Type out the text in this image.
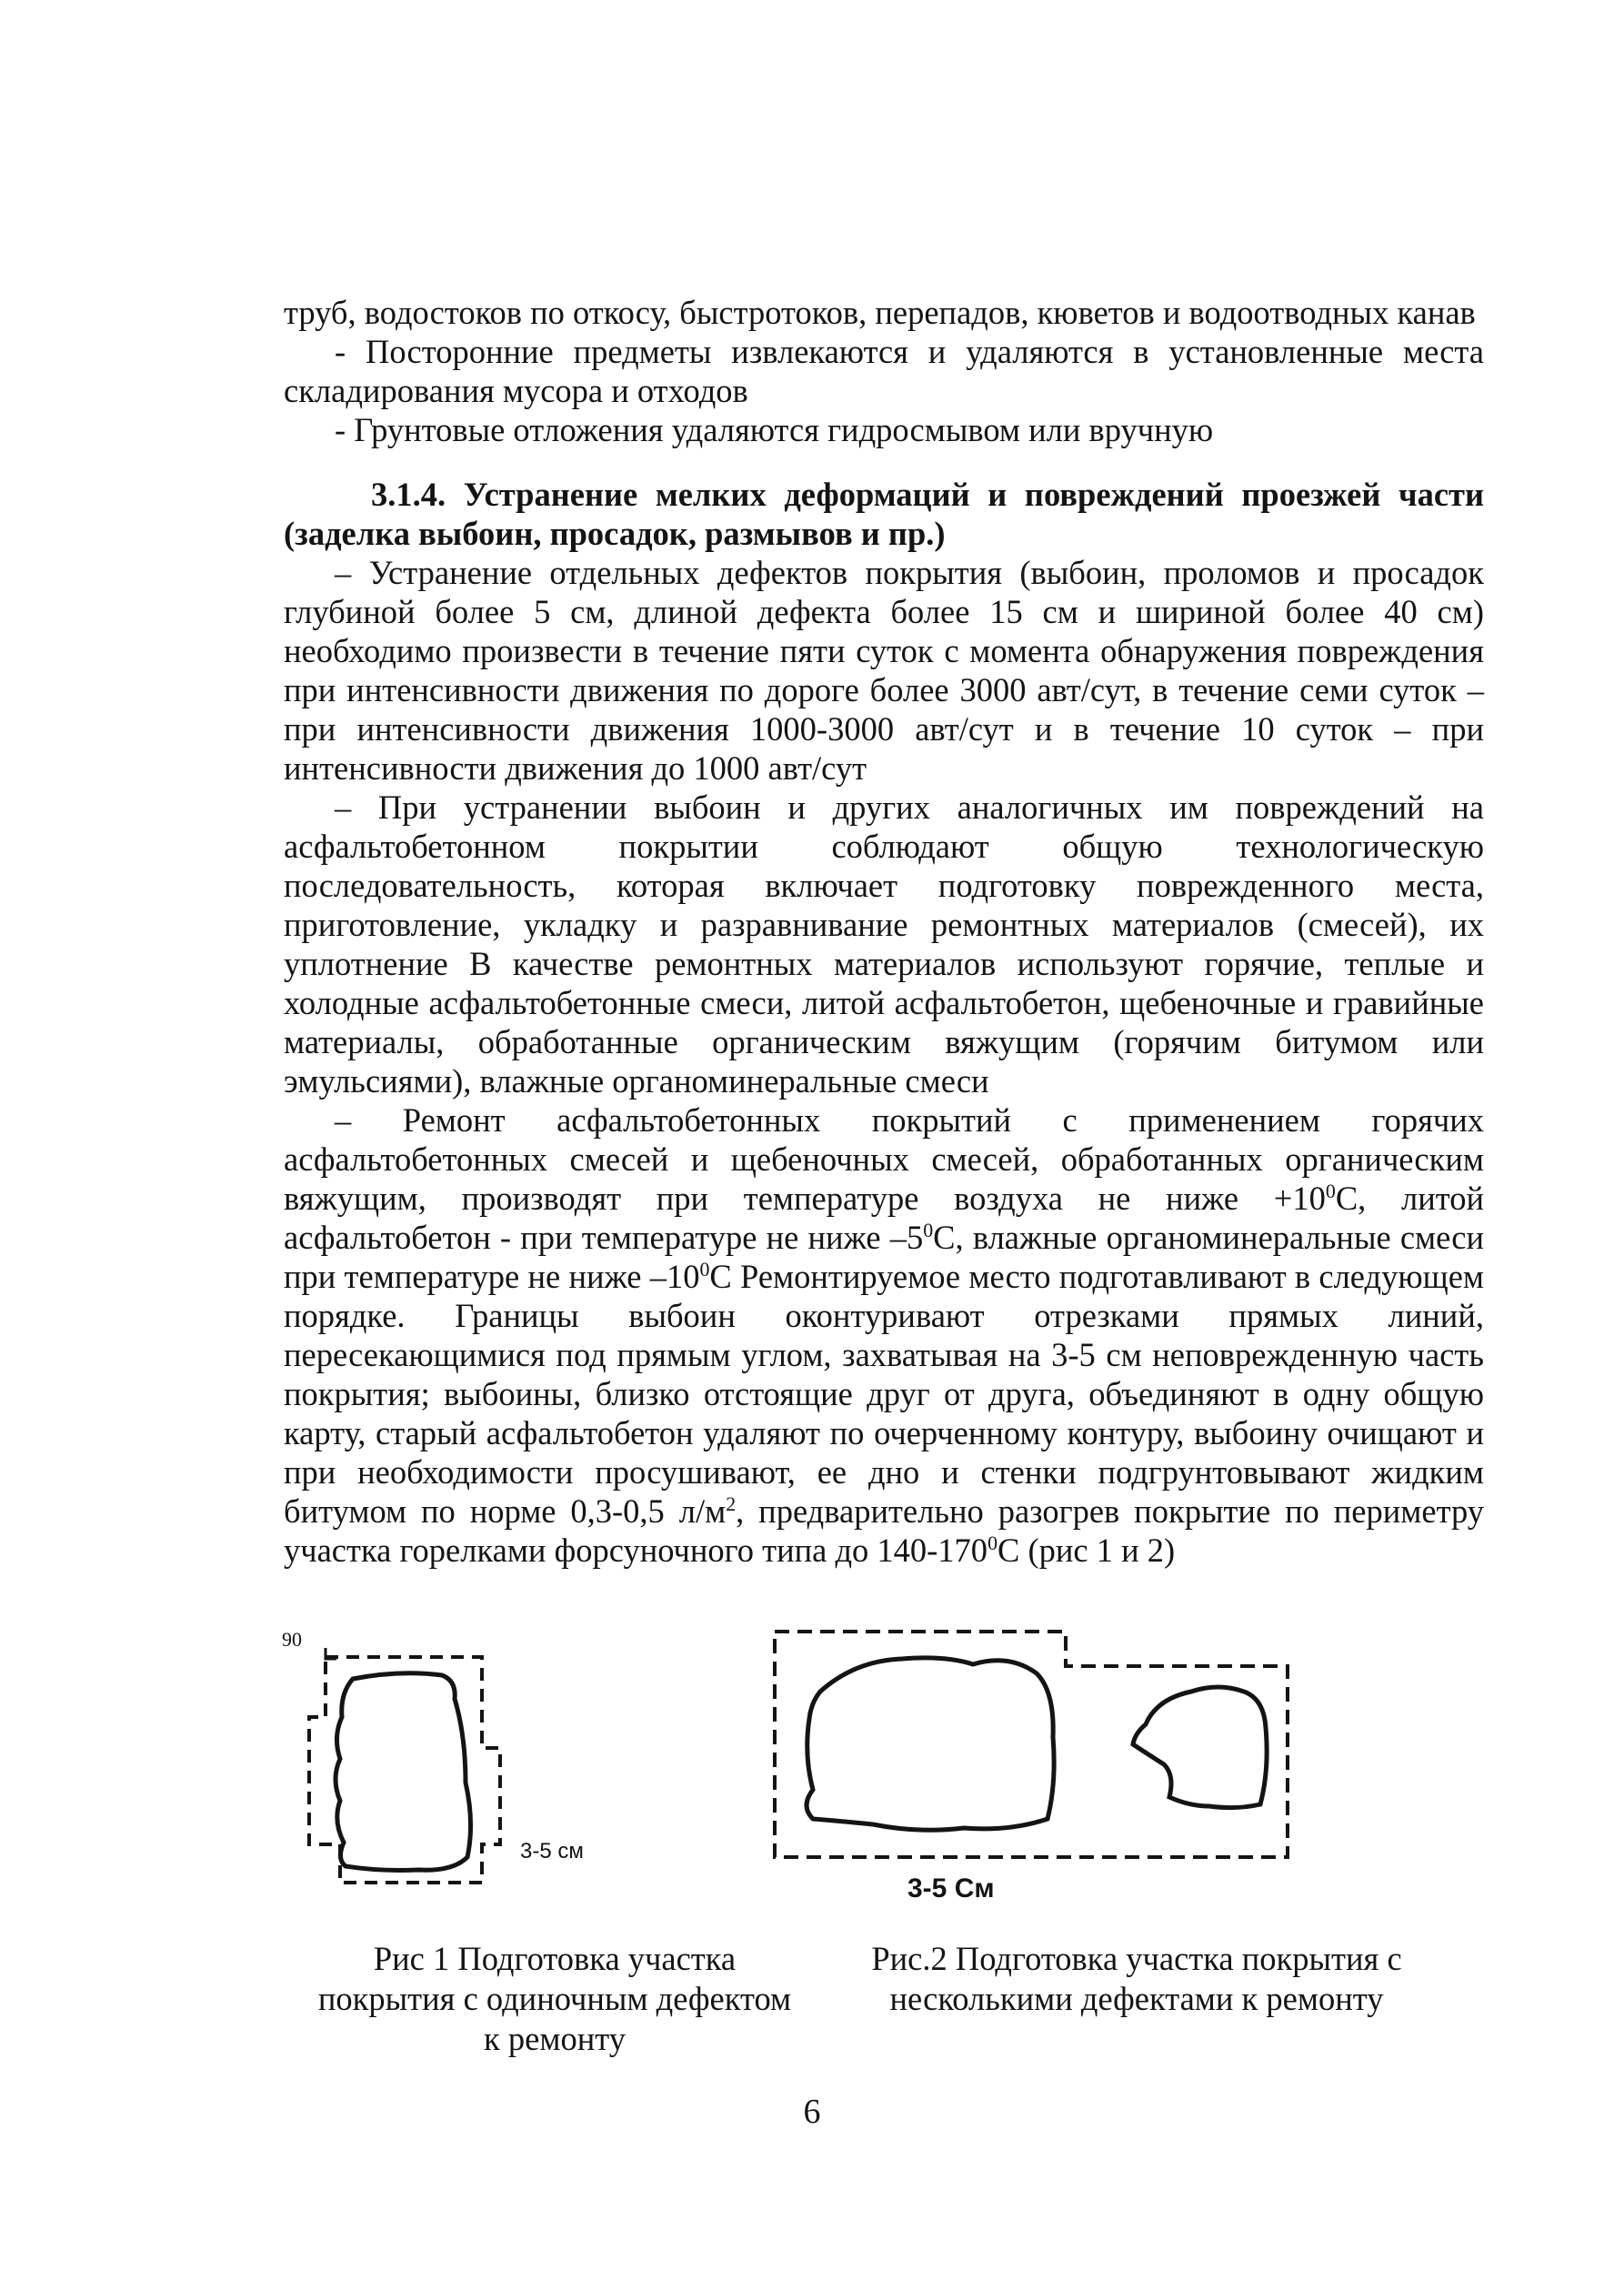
труб, водостоков по откосу, быстротоков, перепадов, кюветов и водоотводных канав

- Посторонние предметы извлекаются и удаляются в установленные места складирования мусора и отходов

- Грунтовые отложения удаляются гидросмывом или вручную

3.1.4. Устранение мелких деформаций и повреждений проезжей части (заделка выбоин, просадок, размывов и пр.)

– Устранение отдельных дефектов покрытия (выбоин, проломов и просадок глубиной более 5 см, длиной дефекта более 15 см и шириной более 40 см) необходимо произвести в течение пяти суток с момента обнаружения повреждения при интенсивности движения по дороге более 3000 авт/сут, в течение семи суток – при интенсивности движения 1000-3000 авт/сут и в течение 10 суток – при интенсивности движения до 1000 авт/сут

– При устранении выбоин и других аналогичных им повреждений на асфальтобетонном покрытии соблюдают общую технологическую последовательность, которая включает подготовку поврежденного места, приготовление, укладку и разравнивание ремонтных материалов (смесей), их уплотнение В качестве ремонтных материалов используют горячие, теплые и холодные асфальтобетонные смеси, литой асфальтобетон, щебеночные и гравийные материалы, обработанные органическим вяжущим (горячим битумом или эмульсиями), влажные органоминеральные смеси

– Ремонт асфальтобетонных покрытий с применением горячих асфальтобетонных смесей и щебеночных смесей, обработанных органическим вяжущим, производят при температуре воздуха не ниже $+10^0С$, литой асфальтобетон - при температуре не ниже $-5^0С$, влажные органоминеральные смеси при температуре не ниже $-10^0С$ Ремонтируемое место подготавливают в следующем порядке. Границы выбоин оконтуривают отрезками прямых линий, пересекающимися под прямым углом, захватывая на 3-5 см неповрежденную часть покрытия; выбоины, близко отстоящие друг от друга, объединяют в одну общую карту, старый асфальтобетон удаляют по очерченному контуру, выбоину очищают и при необходимости просушивают, ее дно и стенки подгрунтовывают жидким битумом по норме 0,3-0,5 $л/м^2$, предварительно разогрев покрытие по периметру участка горелками форсуночного типа до $140-170^0С$ (рис 1 и 2)

90
3-5 см
Рис 1 Подготовка участка покрытия с одиночным дефектом к ремонту
3-5 См
Рис.2 Подготовка участка покрытия с несколькими дефектами к ремонту
6
